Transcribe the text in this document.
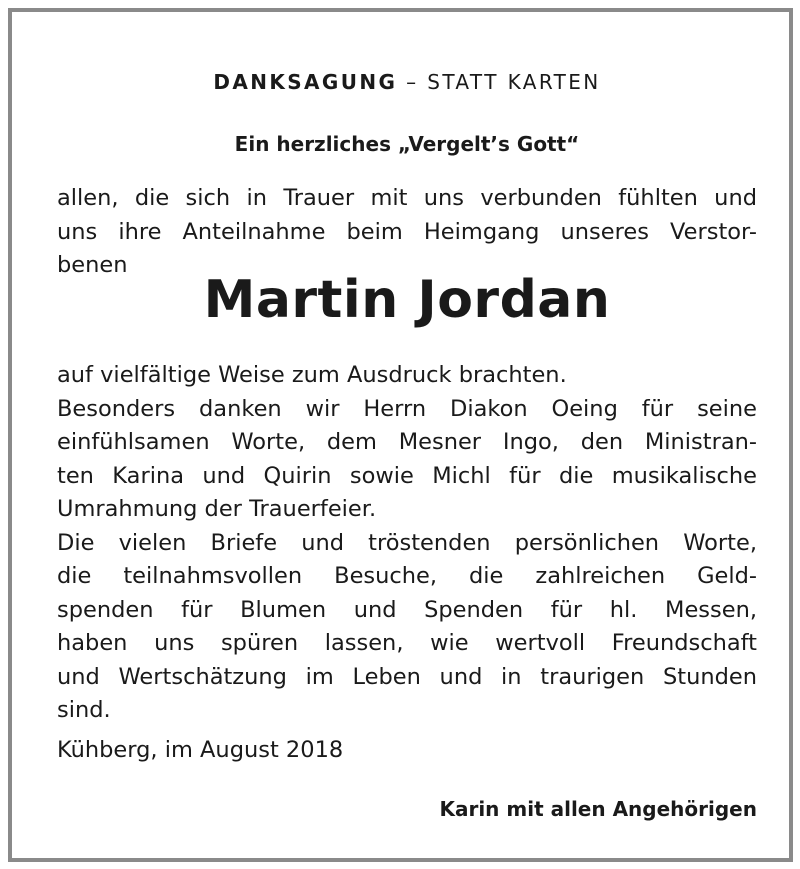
DANKSAGUNG – STATT KARTEN
Ein herzliches „Vergelt’s Gott“
allen, die sich in Trauer mit uns verbunden fühlten und
uns ihre Anteilnahme beim Heimgang unseres Verstor-
benen
Martin Jordan
auf vielfältige Weise zum Ausdruck brachten.
Besonders danken wir Herrn Diakon Oeing für seine
einfühlsamen Worte, dem Mesner Ingo, den Ministran-
ten Karina und Quirin sowie Michl für die musikalische
Umrahmung der Trauerfeier.
Die vielen Briefe und tröstenden persönlichen Worte,
die teilnahmsvollen Besuche, die zahlreichen Geld-
spenden für Blumen und Spenden für hl. Messen,
haben uns spüren lassen, wie wertvoll Freundschaft
und Wertschätzung im Leben und in traurigen Stunden
sind.
Kühberg, im August 2018
Karin mit allen Angehörigen
